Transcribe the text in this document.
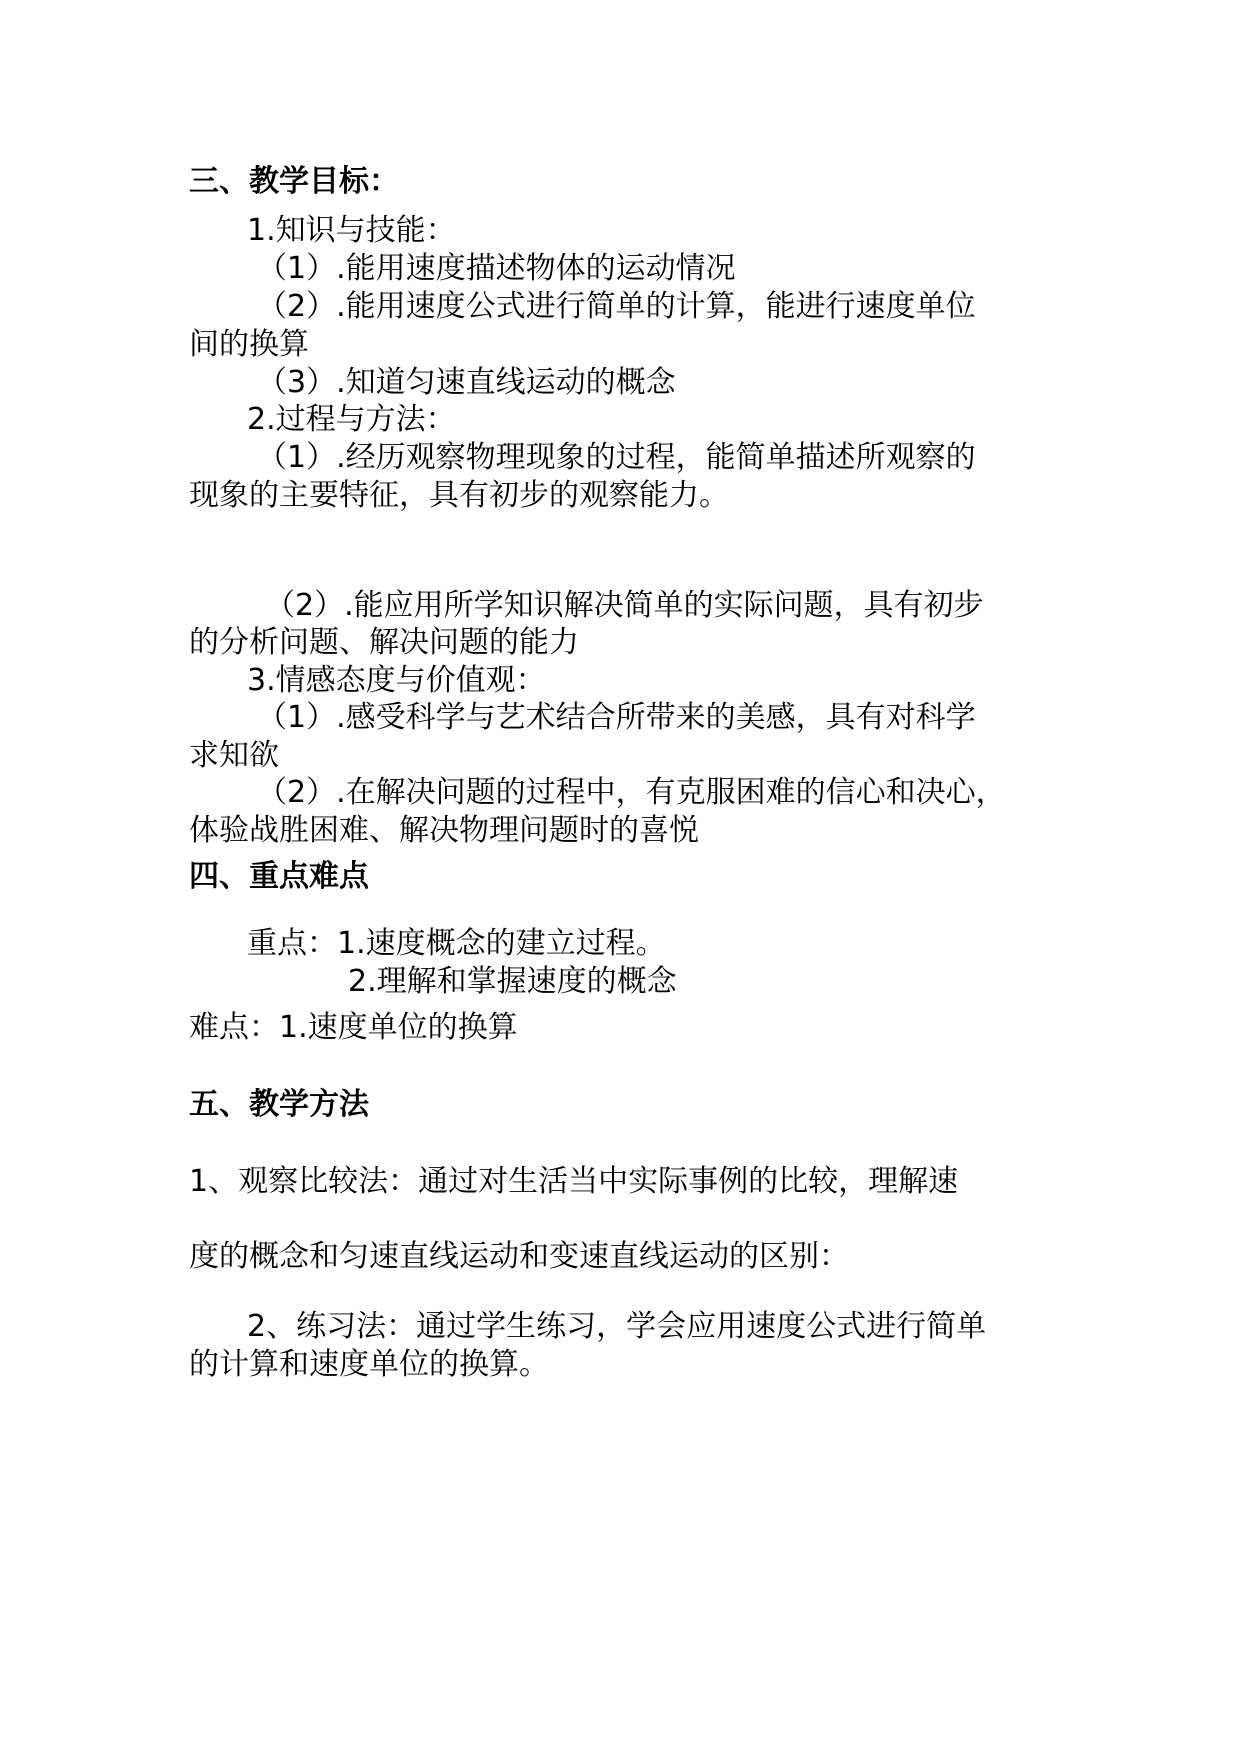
三、教学目标：
1.知识与技能：
（1）.能用速度描述物体的运动情况
（2）.能用速度公式进行简单的计算，能进行速度单位
间的换算
（3）.知道匀速直线运动的概念
2.过程与方法：
（1）.经历观察物理现象的过程，能简单描述所观察的
现象的主要特征，具有初步的观察能力。
（2）.能应用所学知识解决简单的实际问题，具有初步
的分析问题、解决问题的能力
3.情感态度与价值观：
（1）.感受科学与艺术结合所带来的美感，具有对科学
求知欲
（2）.在解决问题的过程中，有克服困难的信心和决心，
体验战胜困难、解决物理问题时的喜悦
四、重点难点
重点：1.速度概念的建立过程。
2.理解和掌握速度的概念
难点：1.速度单位的换算
五、教学方法
1、观察比较法：通过对生活当中实际事例的比较，理解速
度的概念和匀速直线运动和变速直线运动的区别：
2、练习法：通过学生练习，学会应用速度公式进行简单
的计算和速度单位的换算。
